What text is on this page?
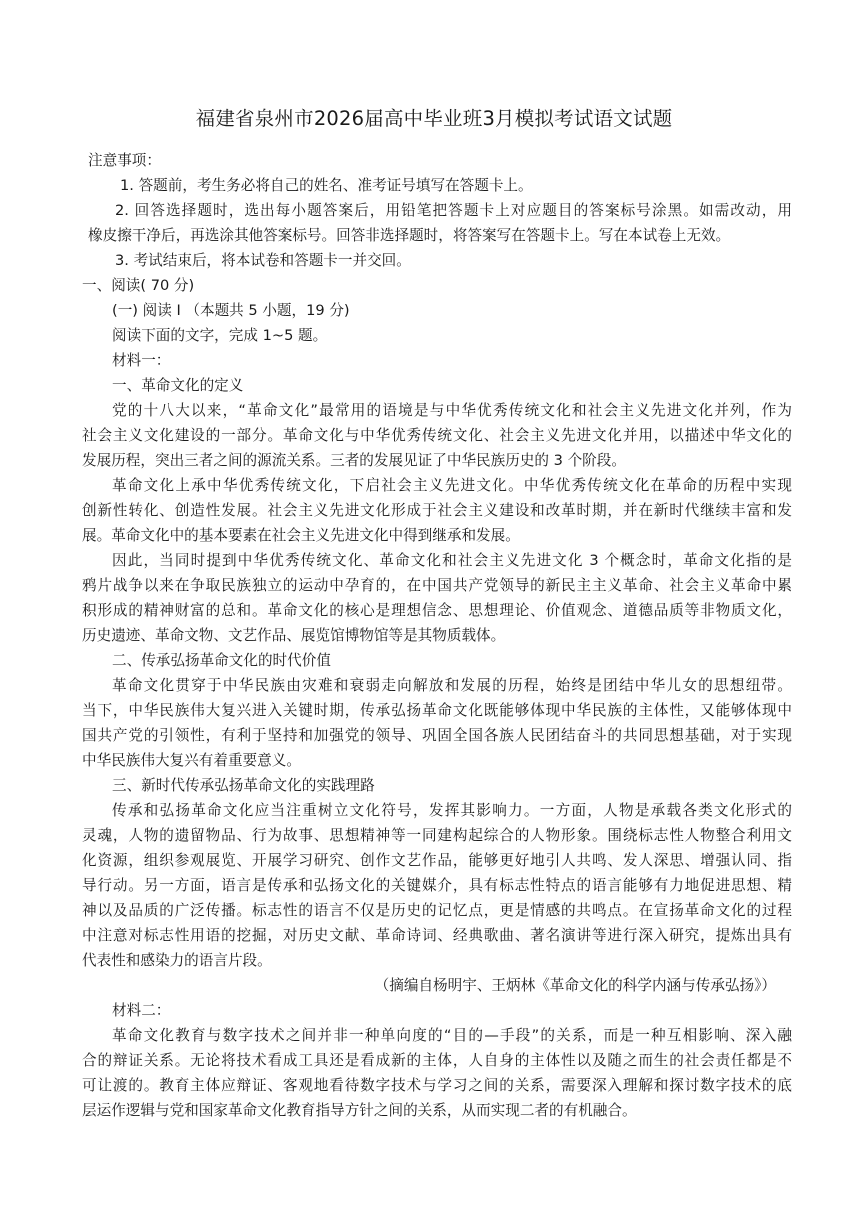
福建省泉州市2026届高中毕业班3月模拟考试语文试题
注意事项：
1. 答题前，考生务必将自己的姓名、准考证号填写在答题卡上。
2. 回答选择题时，选出每小题答案后，用铅笔把答题卡上对应题目的答案标号涂黑。如需改动，用
橡皮擦干净后，再选涂其他答案标号。回答非选择题时，将答案写在答题卡上。写在本试卷上无效。
3. 考试结束后，将本试卷和答题卡一并交回。
一、阅读( 70 分)
(一) 阅读 I （本题共 5 小题，19 分)
阅读下面的文字，完成 1~5 题。
材料一：
一、革命文化的定义
党的十八大以来，“革命文化”最常用的语境是与中华优秀传统文化和社会主义先进文化并列，作为
社会主义文化建设的一部分。革命文化与中华优秀传统文化、社会主义先进文化并用，以描述中华文化的
发展历程，突出三者之间的源流关系。三者的发展见证了中华民族历史的 3 个阶段。
革命文化上承中华优秀传统文化，下启社会主义先进文化。中华优秀传统文化在革命的历程中实现
创新性转化、创造性发展。社会主义先进文化形成于社会主义建设和改革时期，并在新时代继续丰富和发
展。革命文化中的基本要素在社会主义先进文化中得到继承和发展。
因此，当同时提到中华优秀传统文化、革命文化和社会主义先进文化 3 个概念时，革命文化指的是
鸦片战争以来在争取民族独立的运动中孕育的，在中国共产党领导的新民主主义革命、社会主义革命中累
积形成的精神财富的总和。革命文化的核心是理想信念、思想理论、价值观念、道德品质等非物质文化，
历史遗迹、革命文物、文艺作品、展览馆博物馆等是其物质载体。
二、传承弘扬革命文化的时代价值
革命文化贯穿于中华民族由灾难和衰弱走向解放和发展的历程，始终是团结中华儿女的思想纽带。
当下，中华民族伟大复兴进入关键时期，传承弘扬革命文化既能够体现中华民族的主体性，又能够体现中
国共产党的引领性，有利于坚持和加强党的领导、巩固全国各族人民团结奋斗的共同思想基础，对于实现
中华民族伟大复兴有着重要意义。
三、新时代传承弘扬革命文化的实践理路
传承和弘扬革命文化应当注重树立文化符号，发挥其影响力。一方面，人物是承载各类文化形式的
灵魂，人物的遗留物品、行为故事、思想精神等一同建构起综合的人物形象。围绕标志性人物整合利用文
化资源，组织参观展览、开展学习研究、创作文艺作品，能够更好地引人共鸣、发人深思、增强认同、指
导行动。另一方面，语言是传承和弘扬文化的关键媒介，具有标志性特点的语言能够有力地促进思想、精
神以及品质的广泛传播。标志性的语言不仅是历史的记忆点，更是情感的共鸣点。在宣扬革命文化的过程
中注意对标志性用语的挖掘，对历史文献、革命诗词、经典歌曲、著名演讲等进行深入研究，提炼出具有
代表性和感染力的语言片段。
（摘编自杨明宇、王炳林《革命文化的科学内涵与传承弘扬》）
材料二：
革命文化教育与数字技术之间并非一种单向度的“目的—手段”的关系，而是一种互相影响、深入融
合的辩证关系。无论将技术看成工具还是看成新的主体，人自身的主体性以及随之而生的社会责任都是不
可让渡的。教育主体应辩证、客观地看待数字技术与学习之间的关系，需要深入理解和探讨数字技术的底
层运作逻辑与党和国家革命文化教育指导方针之间的关系，从而实现二者的有机融合。
